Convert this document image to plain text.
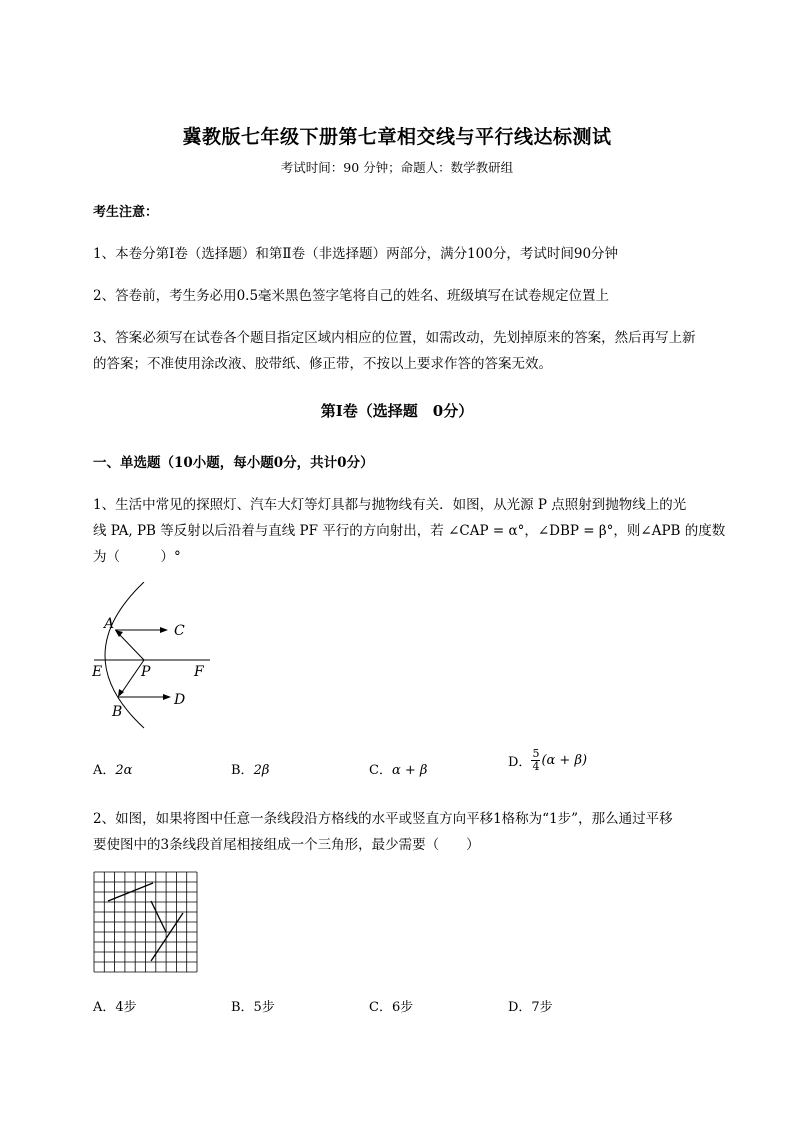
冀教版七年级下册第七章相交线与平行线达标测试
考试时间：90 分钟；命题人：数学教研组
考生注意：
1、本卷分第I卷（选择题）和第Ⅱ卷（非选择题）两部分，满分100分，考试时间90分钟
2、答卷前，考生务必用0.5毫米黑色签字笔将自己的姓名、班级填写在试卷规定位置上
3、答案必须写在试卷各个题目指定区域内相应的位置，如需改动，先划掉原来的答案，然后再写上新
的答案；不准使用涂改液、胶带纸、修正带，不按以上要求作答的答案无效。
第I卷（选择题　0分）
一、单选题（10小题，每小题0分，共计0分）
1、生活中常见的探照灯、汽车大灯等灯具都与抛物线有关．如图，从光源 P 点照射到抛物线上的光
线 PA, PB 等反射以后沿着与直线 PF 平行的方向射出，若 ∠CAP = α°，∠DBP = β°，则∠APB 的度数
为（　　　）°
A	C
E	P	F
D
B
A．2α	B．2β	C．α + β
D． $\frac{5}{4} (\alpha + \beta)$
2、如图，如果将图中任意一条线段沿方格线的水平或竖直方向平移1格称为“1步”，那么通过平移
要使图中的3条线段首尾相接组成一个三角形，最少需要（　　）
A．4步	B．5步	C．6步	D．7步
